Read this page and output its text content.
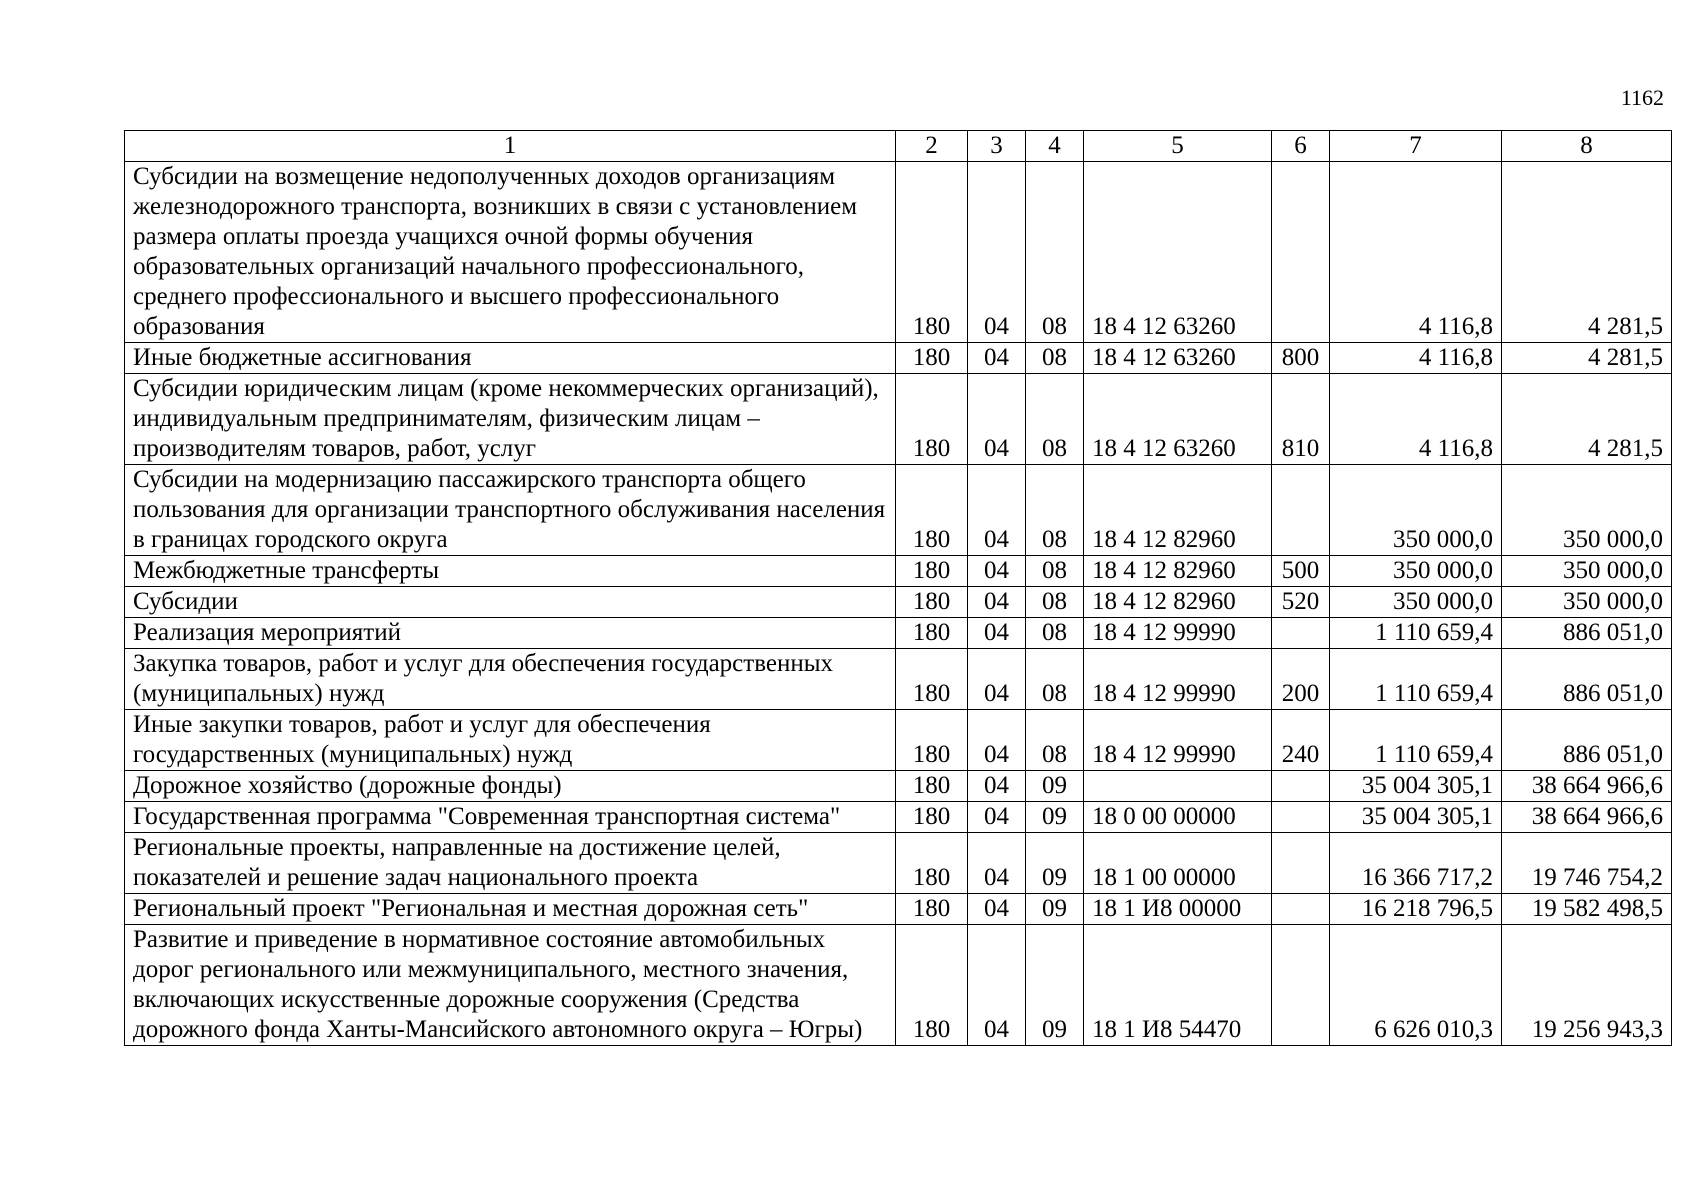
1162
1	2	3	4	5	6	7	8
Субсидии на возмещение недополученных доходов организациям железнодорожного транспорта, возникших в связи с установлением размера оплаты проезда учащихся очной формы обучения образовательных организаций начального профессионального, среднего профессионального и высшего профессионального образования	180	04	08	18 4 12 63260		4 116,8	4 281,5
Иные бюджетные ассигнования	180	04	08	18 4 12 63260	800	4 116,8	4 281,5
Субсидии юридическим лицам (кроме некоммерческих организаций), индивидуальным предпринимателям, физическим лицам – производителям товаров, работ, услуг	180	04	08	18 4 12 63260	810	4 116,8	4 281,5
Субсидии на модернизацию пассажирского транспорта общего пользования для организации транспортного обслуживания населения в границах городского округа	180	04	08	18 4 12 82960		350 000,0	350 000,0
Межбюджетные трансферты	180	04	08	18 4 12 82960	500	350 000,0	350 000,0
Субсидии	180	04	08	18 4 12 82960	520	350 000,0	350 000,0
Реализация мероприятий	180	04	08	18 4 12 99990		1 110 659,4	886 051,0
Закупка товаров, работ и услуг для обеспечения государственных (муниципальных) нужд	180	04	08	18 4 12 99990	200	1 110 659,4	886 051,0
Иные закупки товаров, работ и услуг для обеспечения государственных (муниципальных) нужд	180	04	08	18 4 12 99990	240	1 110 659,4	886 051,0
Дорожное хозяйство (дорожные фонды)	180	04	09			35 004 305,1	38 664 966,6
Государственная программа "Современная транспортная система"	180	04	09	18 0 00 00000		35 004 305,1	38 664 966,6
Региональные проекты, направленные на достижение целей, показателей и решение задач национального проекта	180	04	09	18 1 00 00000		16 366 717,2	19 746 754,2
Региональный проект "Региональная и местная дорожная сеть"	180	04	09	18 1 И8 00000		16 218 796,5	19 582 498,5
Развитие и приведение в нормативное состояние автомобильных дорог регионального или межмуниципального, местного значения, включающих искусственные дорожные сооружения (Средства дорожного фонда Ханты-Мансийского автономного округа – Югры)	180	04	09	18 1 И8 54470		6 626 010,3	19 256 943,3
